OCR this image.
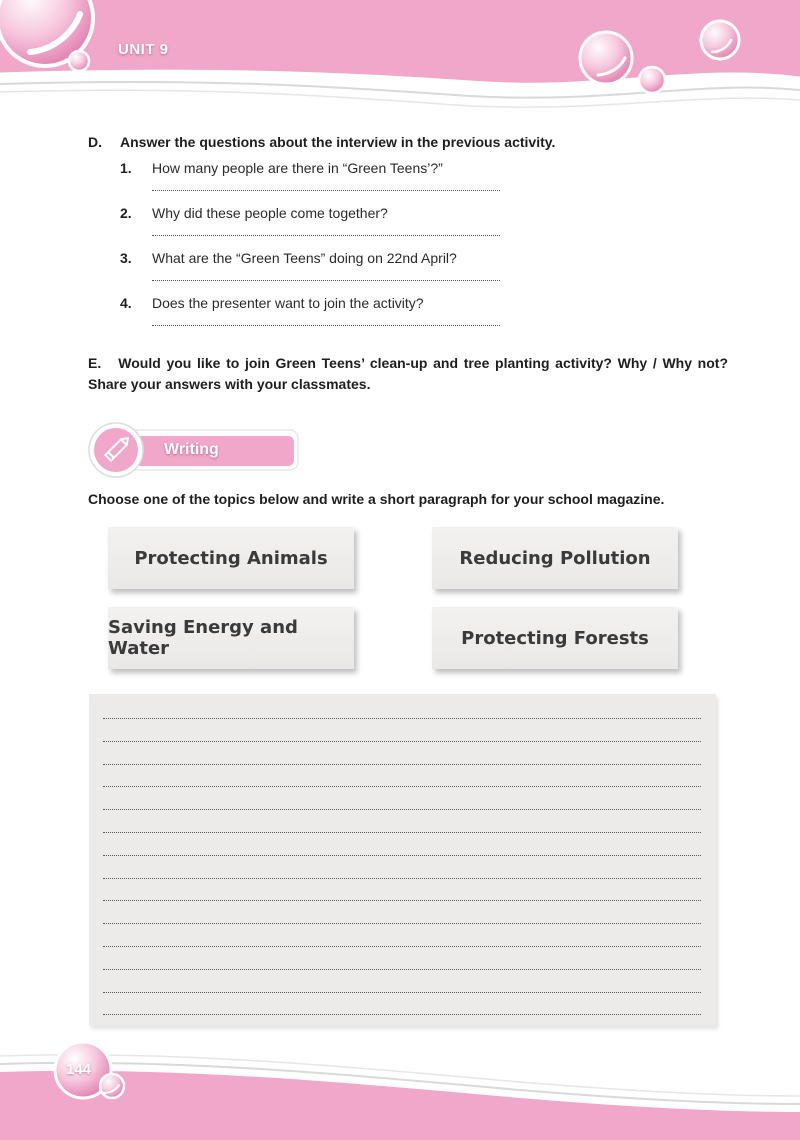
UNIT 9
D. Answer the questions about the interview in the previous activity.
1. How many people are there in “Green Teens’?”
2. Why did these people come together?
3. What are the “Green Teens” doing on 22nd April?
4. Does the presenter want to join the activity?
E. Would you like to join Green Teens’ clean-up and tree planting activity? Why / Why not? Share your answers with your classmates.
Writing
Choose one of the topics below and write a short paragraph for your school magazine.
Protecting Animals	Reducing Pollution
Saving Energy and Water	Protecting Forests
144
